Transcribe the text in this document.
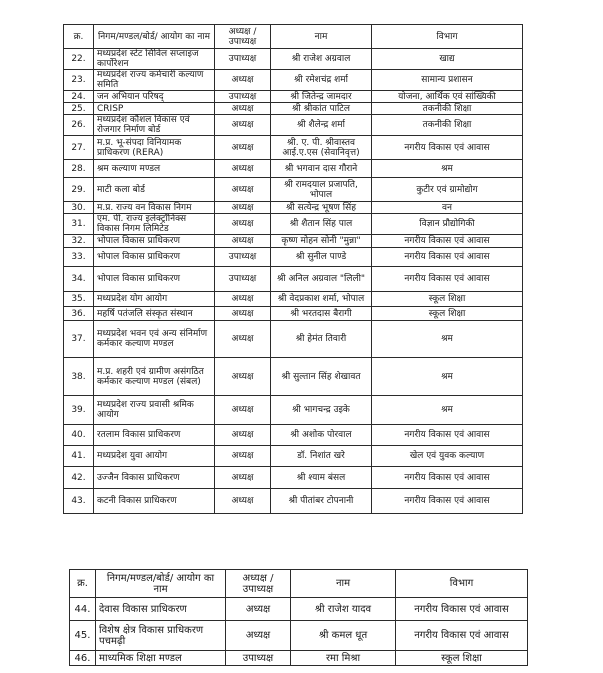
क्र.	निगम/मण्डल/बोर्ड/ आयोग का नाम	अध्यक्ष / उपाध्यक्ष	नाम	विभाग
22.	मध्यप्रदेश स्टेट सिविल सप्लाइज कार्पोरेशन	उपाध्यक्ष	श्री राजेश अग्रवाल	खाद्य
23.	मध्यप्रदेश राज्य कर्मचारी कल्याण समिति	अध्यक्ष	श्री रमेशचंद्र शर्मा	सामान्य प्रशासन
24.	जन अभियान परिषद्	उपाध्यक्ष	श्री जितेन्द्र जामदार	योजना, आर्थिक एवं सांख्यिकी
25.	CRISP	अध्यक्ष	श्री श्रीकांत पाटिल	तकनीकी शिक्षा
26.	मध्यप्रदेश कौशल विकास एवं रोजगार निर्माण बोर्ड	अध्यक्ष	श्री शैलेन्द्र शर्मा	तकनीकी शिक्षा
27.	म.प्र. भू-संपदा विनियामक प्राधिकरण (RERA)	अध्यक्ष	श्री. ए. पी. श्रीवास्तव आई.ए.एस (सेवानिवृत्त)	नगरीय विकास एवं आवास
28.	श्रम कल्याण मण्डल	अध्यक्ष	श्री भगवान दास गौराने	श्रम
29.	माटी कला बोर्ड	अध्यक्ष	श्री रामदयाल प्रजापति, भोपाल	कुटीर एवं ग्रामोद्योग
30.	म.प्र. राज्य वन विकास निगम	अध्यक्ष	श्री सत्येन्द्र भूषण सिंह	वन
31.	एम. पी. राज्य इलेक्ट्रॉनिक्स विकास निगम लिमिटेड	अध्यक्ष	श्री शैतान सिंह पाल	विज्ञान प्रौद्योगिकी
32.	भोपाल विकास प्राधिकरण	अध्यक्ष	कृष्ण मोहन सोनी "मुन्ना"	नगरीय विकास एवं आवास
33.	भोपाल विकास प्राधिकरण	उपाध्यक्ष	श्री सुनील पाण्डे	नगरीय विकास एवं आवास
34.	भोपाल विकास प्राधिकरण	उपाध्यक्ष	श्री अनिल अग्रवाल "लिली"	नगरीय विकास एवं आवास
35.	मध्यप्रदेश योग आयोग	अध्यक्ष	श्री वेदप्रकाश शर्मा, भोपाल	स्कूल शिक्षा
36.	महर्षि पतंजलि संस्कृत संस्थान	अध्यक्ष	श्री भरतदास बैरागी	स्कूल शिक्षा
37.	मध्यप्रदेश भवन एवं अन्य संनिर्माण कर्मकार कल्याण मण्डल	अध्यक्ष	श्री हेमंत तिवारी	श्रम
38.	म.प्र. शहरी एवं ग्रामीण असंगठित कर्मकार कल्याण मण्डल (संबल)	अध्यक्ष	श्री सुल्तान सिंह शेखावत	श्रम
39.	मध्यप्रदेश राज्य प्रवासी श्रमिक आयोग	अध्यक्ष	श्री भागचन्द्र उइके	श्रम
40.	रतलाम विकास प्राधिकरण	अध्यक्ष	श्री अशोक पोरवाल	नगरीय विकास एवं आवास
41.	मध्यप्रदेश युवा आयोग	अध्यक्ष	डॉ. निशांत खरे	खेल एवं युवक कल्याण
42.	उज्जैन विकास प्राधिकरण	अध्यक्ष	श्री श्याम बंसल	नगरीय विकास एवं आवास
43.	कटनी विकास प्राधिकरण	अध्यक्ष	श्री पीतांबर टोपनानी	नगरीय विकास एवं आवास
क्र.	निगम/मण्डल/बोर्ड/ आयोग का नाम	अध्यक्ष / उपाध्यक्ष	नाम	विभाग
44.	देवास विकास प्राधिकरण	अध्यक्ष	श्री राजेश यादव	नगरीय विकास एवं आवास
45.	विशेष क्षेत्र विकास प्राधिकरण पचमढ़ी	अध्यक्ष	श्री कमल धूत	नगरीय विकास एवं आवास
46.	माध्यमिक शिक्षा मण्डल	उपाध्यक्ष	रमा मिश्रा	स्कूल शिक्षा
